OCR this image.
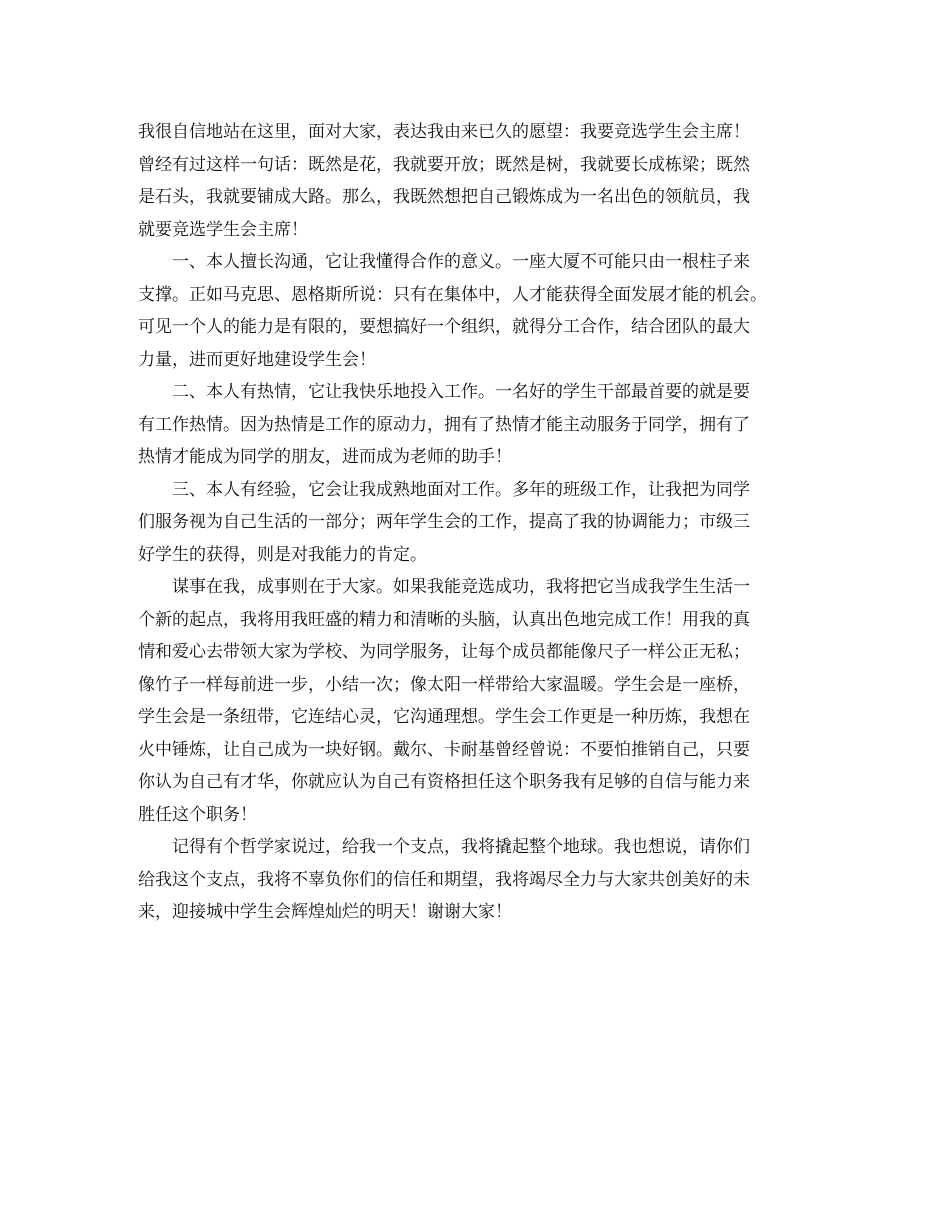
我很自信地站在这里，面对大家，表达我由来已久的愿望：我要竞选学生会主席！
曾经有过这样一句话：既然是花，我就要开放；既然是树，我就要长成栋梁；既然
是石头，我就要铺成大路。那么，我既然想把自己锻炼成为一名出色的领航员，我
就要竞选学生会主席！
一、本人擅长沟通，它让我懂得合作的意义。一座大厦不可能只由一根柱子来
支撑。正如马克思、恩格斯所说：只有在集体中，人才能获得全面发展才能的机会。
可见一个人的能力是有限的，要想搞好一个组织，就得分工合作，结合团队的最大
力量，进而更好地建设学生会！
二、本人有热情，它让我快乐地投入工作。一名好的学生干部最首要的就是要
有工作热情。因为热情是工作的原动力，拥有了热情才能主动服务于同学，拥有了
热情才能成为同学的朋友，进而成为老师的助手！
三、本人有经验，它会让我成熟地面对工作。多年的班级工作，让我把为同学
们服务视为自己生活的一部分；两年学生会的工作，提高了我的协调能力；市级三
好学生的获得，则是对我能力的肯定。
谋事在我，成事则在于大家。如果我能竞选成功，我将把它当成我学生生活一
个新的起点，我将用我旺盛的精力和清晰的头脑，认真出色地完成工作！用我的真
情和爱心去带领大家为学校、为同学服务，让每个成员都能像尺子一样公正无私；
像竹子一样每前进一步，小结一次；像太阳一样带给大家温暖。学生会是一座桥，
学生会是一条纽带，它连结心灵，它沟通理想。学生会工作更是一种历炼，我想在
火中锤炼，让自己成为一块好钢。戴尔、卡耐基曾经曾说：不要怕推销自己，只要
你认为自己有才华，你就应认为自己有资格担任这个职务我有足够的自信与能力来
胜任这个职务！
记得有个哲学家说过，给我一个支点，我将撬起整个地球。我也想说，请你们
给我这个支点，我将不辜负你们的信任和期望，我将竭尽全力与大家共创美好的未
来，迎接城中学生会辉煌灿烂的明天！谢谢大家！
